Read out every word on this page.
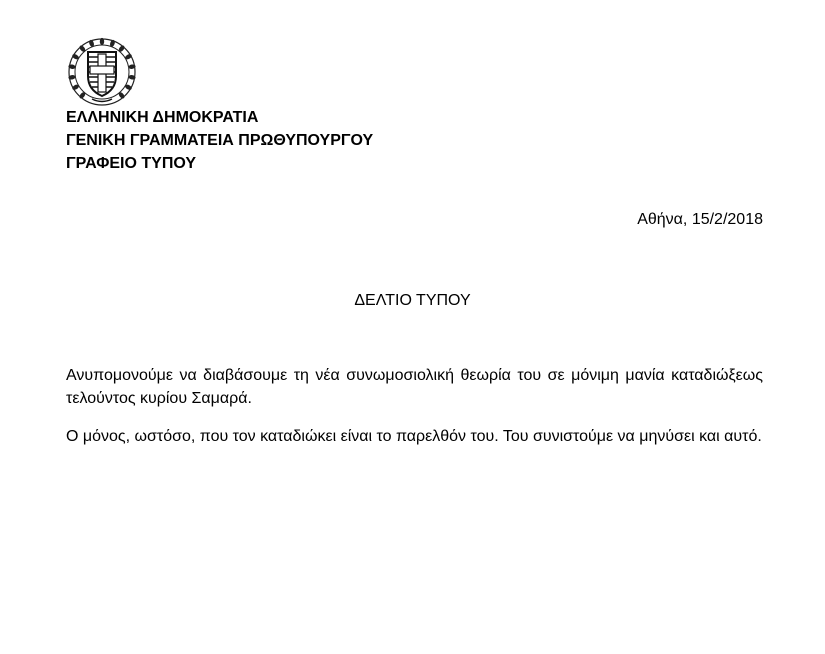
ΕΛΛΗΝΙΚΗ ΔΗΜΟΚΡΑΤΙΑ
ΓΕΝΙΚΗ ΓΡΑΜΜΑΤΕΙΑ ΠΡΩΘΥΠΟΥΡΓΟΥ
ΓΡΑΦΕΙΟ ΤΥΠΟΥ
Αθήνα, 15/2/2018
ΔΕΛΤΙΟ ΤΥΠΟΥ
Ανυπομονούμε να διαβάσουμε τη νέα συνωμοσιολική θεωρία του σε μόνιμη μανία καταδιώξεως τελούντος κυρίου Σαμαρά.
Ο μόνος, ωστόσο, που τον καταδιώκει είναι το παρελθόν του. Του συνιστούμε να μηνύσει και αυτό.
